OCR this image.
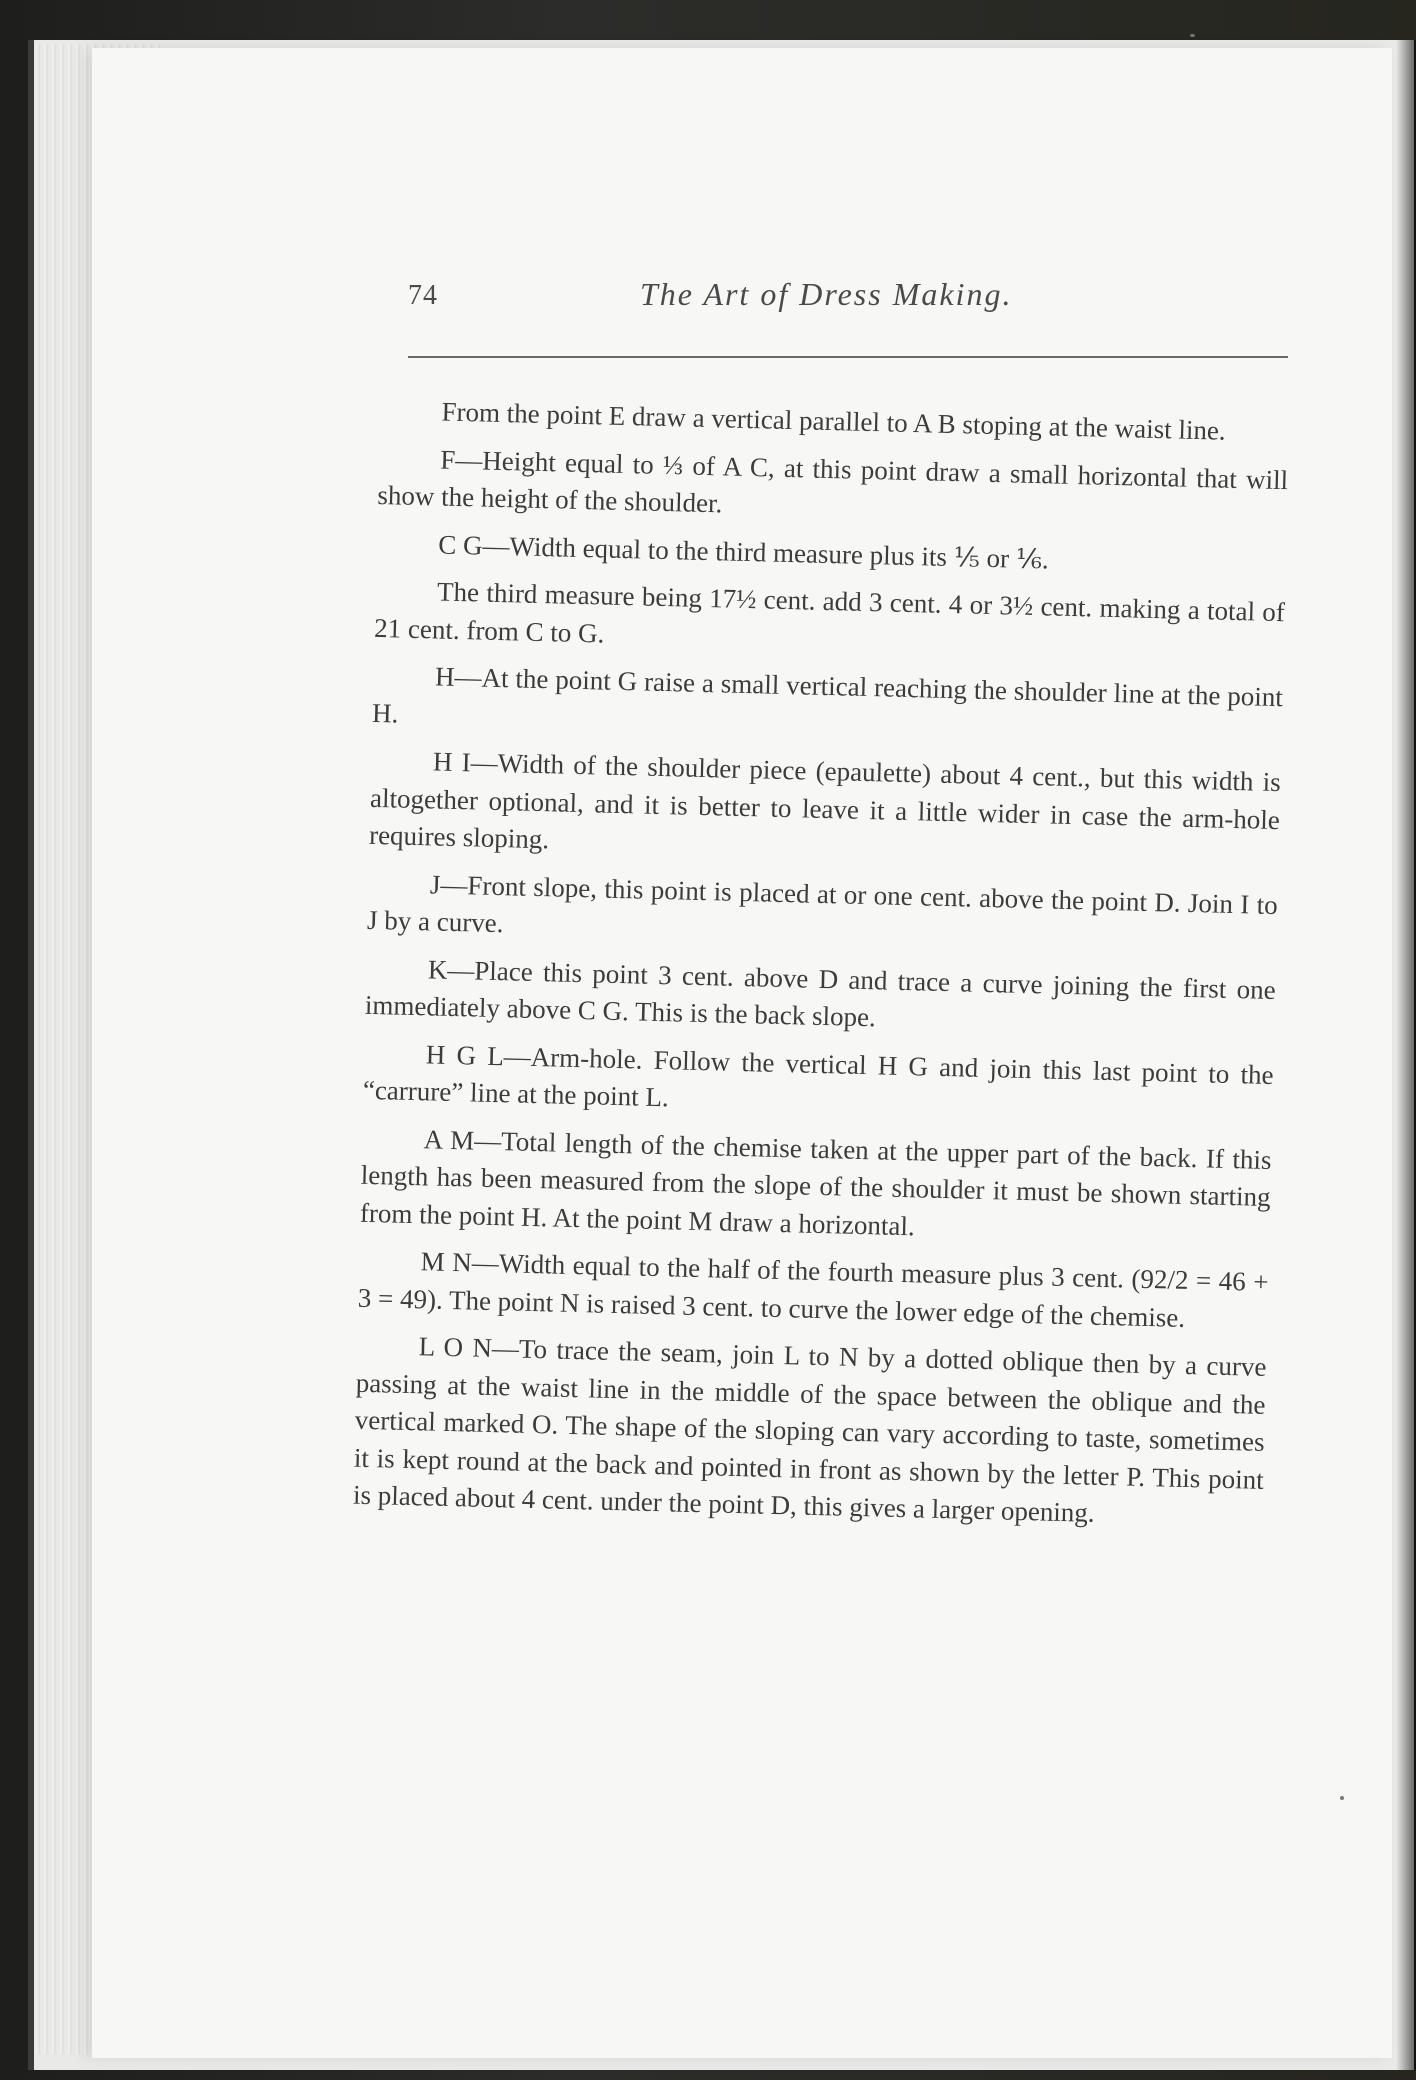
74	The Art of Dress Making.

From the point E draw a vertical parallel to A B stoping at the waist line.

F—Height equal to ⅓ of A C, at this point draw a small horizontal that will show the height of the shoulder.

C G—Width equal to the third measure plus its ⅕ or ⅙.

The third measure being 17½ cent. add 3 cent. 4 or 3½ cent. making a total of 21 cent. from C to G.

H—At the point G raise a small vertical reaching the shoulder line at the point H.

H I—Width of the shoulder piece (epaulette) about 4 cent., but this width is altogether optional, and it is better to leave it a little wider in case the arm-hole requires sloping.

J—Front slope, this point is placed at or one cent. above the point D. Join I to J by a curve.

K—Place this point 3 cent. above D and trace a curve joining the first one immediately above C G. This is the back slope.

H G L—Arm-hole. Follow the vertical H G and join this last point to the “carrure” line at the point L.

A M—Total length of the chemise taken at the upper part of the back. If this length has been measured from the slope of the shoulder it must be shown starting from the point H. At the point M draw a horizontal.

M N—Width equal to the half of the fourth measure plus 3 cent. (92/2 = 46 + 3 = 49). The point N is raised 3 cent. to curve the lower edge of the chemise.

L O N—To trace the seam, join L to N by a dotted oblique then by a curve passing at the waist line in the middle of the space between the oblique and the vertical marked O. The shape of the sloping can vary according to taste, sometimes it is kept round at the back and pointed in front as shown by the letter P. This point is placed about 4 cent. under the point D, this gives a larger opening.
